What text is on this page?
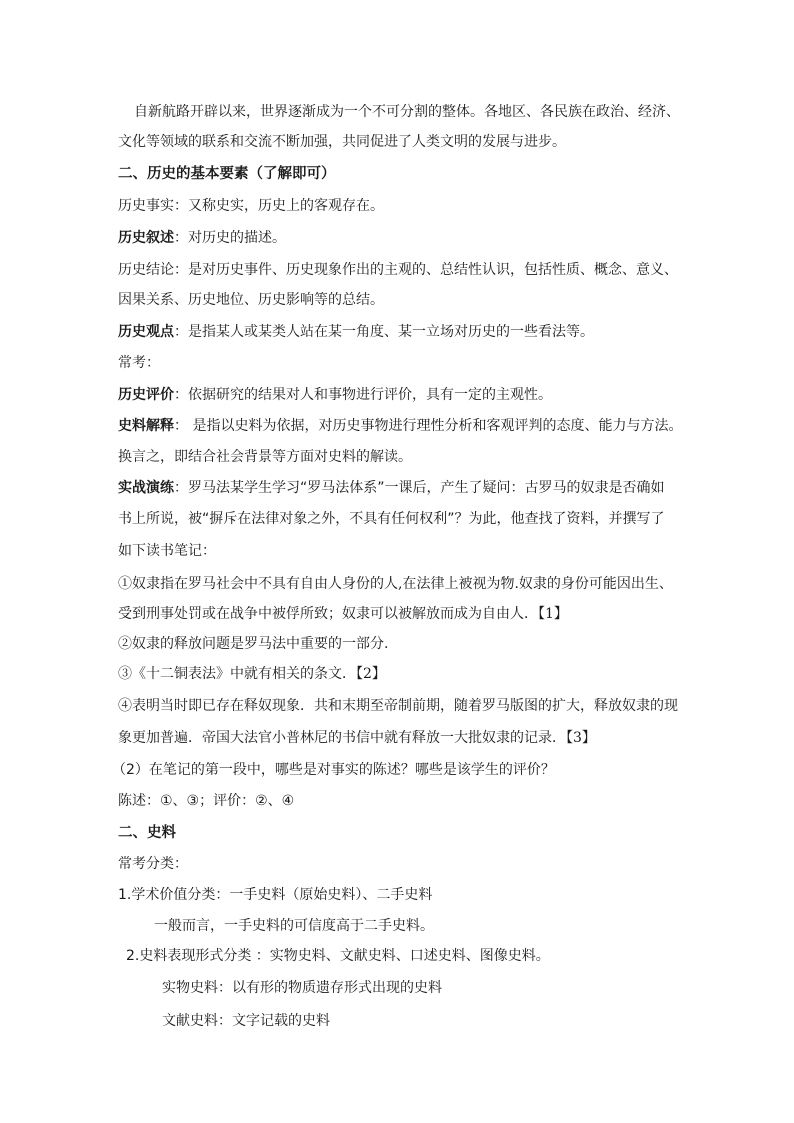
自新航路开辟以来，世界逐渐成为一个不可分割的整体。各地区、各民族在政治、经济、
文化等领域的联系和交流不断加强，共同促进了人类文明的发展与进步。
二、历史的基本要素（了解即可）
历史事实：又称史实，历史上的客观存在。
历史叙述：对历史的描述。
历史结论：是对历史事件、历史现象作出的主观的、总结性认识，包括性质、概念、意义、
因果关系、历史地位、历史影响等的总结。
历史观点：是指某人或某类人站在某一角度、某一立场对历史的一些看法等。
常考：
历史评价：依据研究的结果对人和事物进行评价，具有一定的主观性。
史料解释： 是指以史料为依据，对历史事物进行理性分析和客观评判的态度、能力与方法。
换言之，即结合社会背景等方面对史料的解读。
实战演练：罗马法某学生学习“罗马法体系”一课后，产生了疑问：古罗马的奴隶是否确如
书上所说，被“摒斥在法律对象之外，不具有任何权利”？为此，他查找了资料，并撰写了
如下读书笔记：
①奴隶指在罗马社会中不具有自由人身份的人,在法律上被视为物.奴隶的身份可能因出生、
受到刑事处罚或在战争中被俘所致；奴隶可以被解放而成为自由人．【1】
②奴隶的释放问题是罗马法中重要的一部分.
③《十二铜表法》中就有相关的条文．【2】
④表明当时即已存在释奴现象．共和末期至帝制前期，随着罗马版图的扩大，释放奴隶的现
象更加普遍．帝国大法官小普林尼的书信中就有释放一大批奴隶的记录．【3】
（2）在笔记的第一段中，哪些是对事实的陈述？哪些是该学生的评价？
陈述：①、③；评价：②、④
二、史料
常考分类：
1.学术价值分类：一手史料（原始史料）、二手史料
一般而言，一手史料的可信度高于二手史料。
2.史料表现形式分类 ：实物史料、文献史料、口述史料、图像史料。
实物史料：以有形的物质遗存形式出现的史料
文献史料：文字记载的史料
